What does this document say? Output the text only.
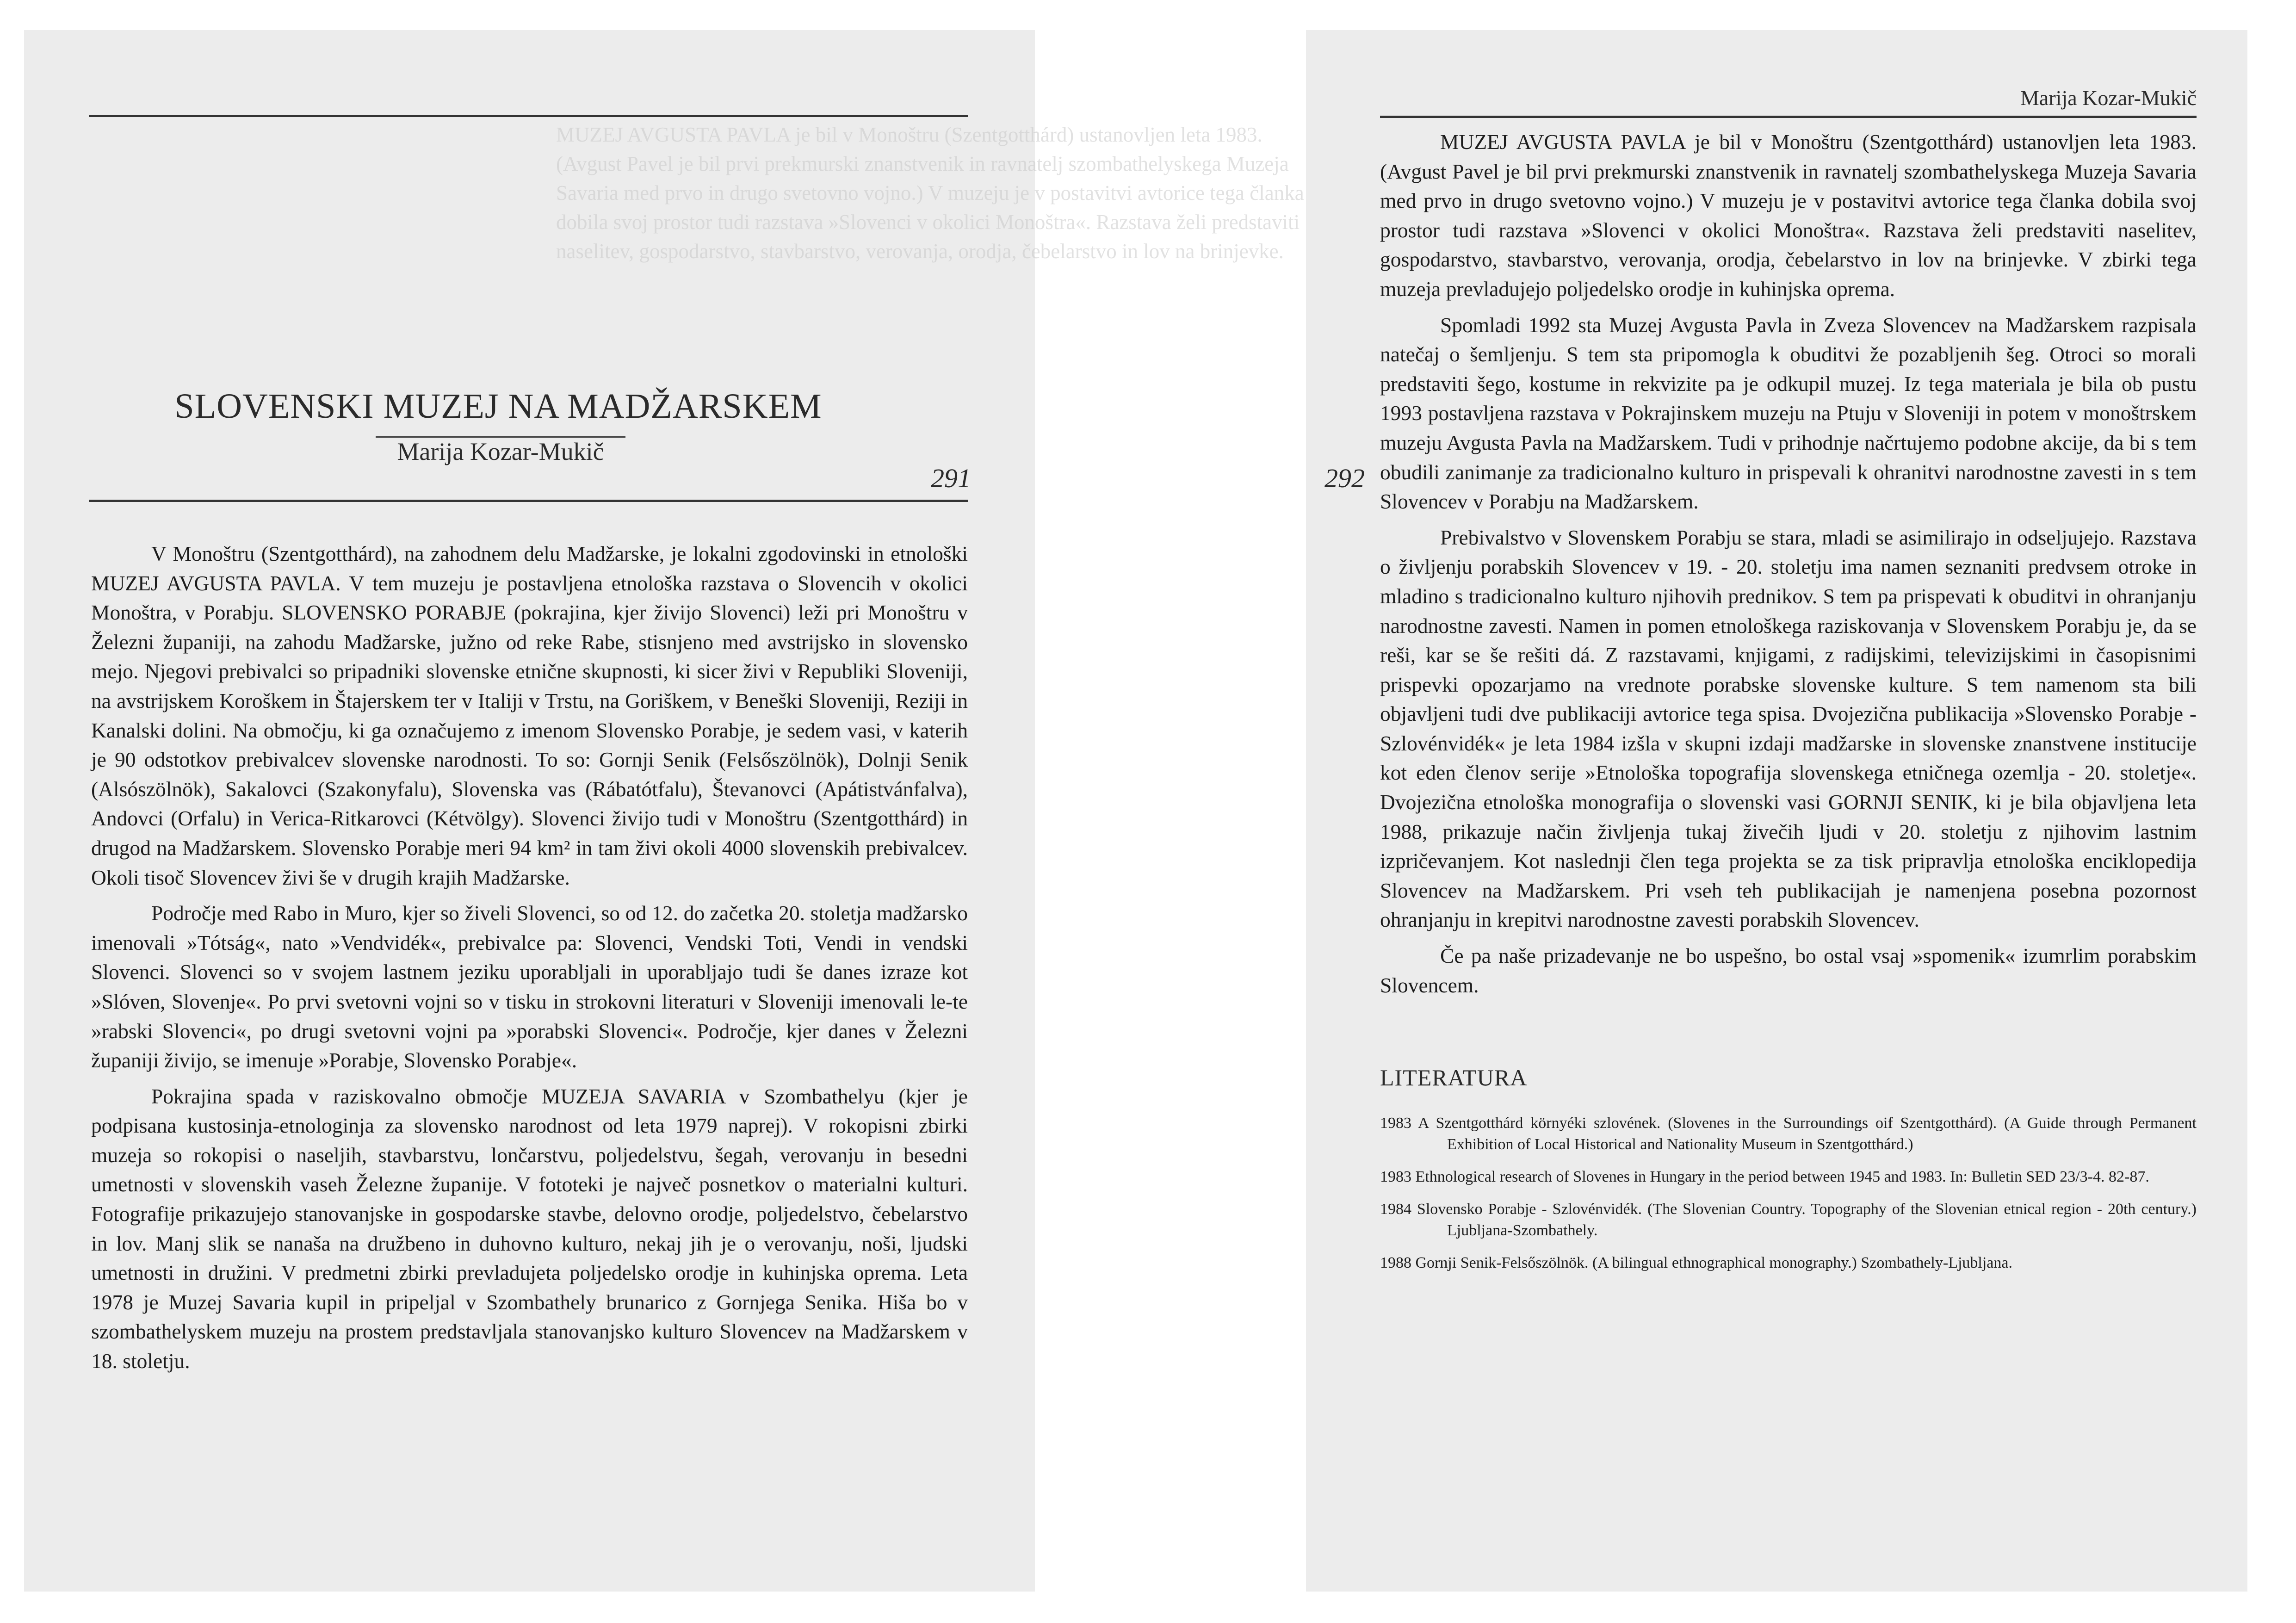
MUZEJ AVGUSTA PAVLA je bil v Monoštru (Szentgotthárd) ustanovljen leta 1983.
(Avgust Pavel je bil prvi prekmurski znanstvenik in ravnatelj szombathelyskega Muzeja
Savaria med prvo in drugo svetovno vojno.) V muzeju je v postavitvi avtorice tega članka
dobila svoj prostor tudi razstava »Slovenci v okolici Monoštra«. Razstava želi predstaviti
naselitev, gospodarstvo, stavbarstvo, verovanja, orodja, čebelarstvo in lov na brinjevke.
SLOVENSKI MUZEJ NA MADŽARSKEM
Marija Kozar-Mukič
291

V Monoštru (Szentgotthárd), na zahodnem delu Madžarske, je lokalni zgodovinski in etnološki MUZEJ AVGUSTA PAVLA. V tem muzeju je postavljena etnološka razstava o Slovencih v okolici Monoštra, v Porabju. SLOVENSKO PORABJE (pokrajina, kjer živijo Slovenci) leži pri Monoštru v Železni županiji, na zahodu Madžarske, južno od reke Rabe, stisnjeno med avstrijsko in slovensko mejo. Njegovi prebivalci so pripadniki slovenske etnične skupnosti, ki sicer živi v Republiki Sloveniji, na avstrijskem Koroškem in Štajerskem ter v Italiji v Trstu, na Goriškem, v Beneški Sloveniji, Reziji in Kanalski dolini. Na območju, ki ga označujemo z imenom Slovensko Porabje, je sedem vasi, v katerih je 90 odstotkov prebivalcev slovenske narodnosti. To so: Gornji Senik (Felsőszölnök), Dolnji Senik (Alsószölnök), Sakalovci (Szakonyfalu), Slovenska vas (Rábatótfalu), Števanovci (Apátistvánfalva), Andovci (Orfalu) in Verica-Ritkarovci (Kétvölgy). Slovenci živijo tudi v Monoštru (Szentgotthárd) in drugod na Madžarskem. Slovensko Porabje meri 94 km² in tam živi okoli 4000 slovenskih prebivalcev. Okoli tisoč Slovencev živi še v drugih krajih Madžarske.

Področje med Rabo in Muro, kjer so živeli Slovenci, so od 12. do začetka 20. stoletja madžarsko imenovali »Tótság«, nato »Vendvidék«, prebivalce pa: Slovenci, Vendski Toti, Vendi in vendski Slovenci. Slovenci so v svojem lastnem jeziku uporabljali in uporabljajo tudi še danes izraze kot »Slóven, Slovenje«. Po prvi svetovni vojni so v tisku in strokovni literaturi v Sloveniji imenovali le-te »rabski Slovenci«, po drugi svetovni vojni pa »porabski Slovenci«. Področje, kjer danes v Železni županiji živijo, se imenuje »Porabje, Slovensko Porabje«.

Pokrajina spada v raziskovalno območje MUZEJA SAVARIA v Szombathelyu (kjer je podpisana kustosinja-etnologinja za slovensko narodnost od leta 1979 naprej). V rokopisni zbirki muzeja so rokopisi o naseljih, stavbarstvu, lončarstvu, poljedelstvu, šegah, verovanju in besedni umetnosti v slovenskih vaseh Železne županije. V fototeki je največ posnetkov o materialni kulturi. Fotografije prikazujejo stanovanjske in gospodarske stavbe, delovno orodje, poljedelstvo, čebelarstvo in lov. Manj slik se nanaša na družbeno in duhovno kulturo, nekaj jih je o verovanju, noši, ljudski umetnosti in družini. V predmetni zbirki prevladujeta poljedelsko orodje in kuhinjska oprema. Leta 1978 je Muzej Savaria kupil in pripeljal v Szombathely brunarico z Gornjega Senika. Hiša bo v szombathelyskem muzeju na prostem predstavljala stanovanjsko kulturo Slovencev na Madžarskem v 18. stoletju.

Marija Kozar-Mukič
292

MUZEJ AVGUSTA PAVLA je bil v Monoštru (Szentgotthárd) ustanovljen leta 1983. (Avgust Pavel je bil prvi prekmurski znanstvenik in ravnatelj szombathelyskega Muzeja Savaria med prvo in drugo svetovno vojno.) V muzeju je v postavitvi avtorice tega članka dobila svoj prostor tudi razstava »Slovenci v okolici Monoštra«. Razstava želi predstaviti naselitev, gospodarstvo, stavbarstvo, verovanja, orodja, čebelarstvo in lov na brinjevke. V zbirki tega muzeja prevladujejo poljedelsko orodje in kuhinjska oprema.

Spomladi 1992 sta Muzej Avgusta Pavla in Zveza Slovencev na Madžarskem razpisala natečaj o šemljenju. S tem sta pripomogla k obuditvi že pozabljenih šeg. Otroci so morali predstaviti šego, kostume in rekvizite pa je odkupil muzej. Iz tega materiala je bila ob pustu 1993 postavljena razstava v Pokrajinskem muzeju na Ptuju v Sloveniji in potem v monoštrskem muzeju Avgusta Pavla na Madžarskem. Tudi v prihodnje načrtujemo podobne akcije, da bi s tem obudili zanimanje za tradicionalno kulturo in prispevali k ohranitvi narodnostne zavesti in s tem Slovencev v Porabju na Madžarskem.

Prebivalstvo v Slovenskem Porabju se stara, mladi se asimilirajo in odseljujejo. Razstava o življenju porabskih Slovencev v 19. - 20. stoletju ima namen seznaniti predvsem otroke in mladino s tradicionalno kulturo njihovih prednikov. S tem pa prispevati k obuditvi in ohranjanju narodnostne zavesti. Namen in pomen etnološkega raziskovanja v Slovenskem Porabju je, da se reši, kar se še rešiti dá. Z razstavami, knjigami, z radijskimi, televizijskimi in časopisnimi prispevki opozarjamo na vrednote porabske slovenske kulture. S tem namenom sta bili objavljeni tudi dve publikaciji avtorice tega spisa. Dvojezična publikacija »Slovensko Porabje - Szlovénvidék« je leta 1984 izšla v skupni izdaji madžarske in slovenske znanstvene institucije kot eden členov serije »Etnološka topografija slovenskega etničnega ozemlja - 20. stoletje«. Dvojezična etnološka monografija o slovenski vasi GORNJI SENIK, ki je bila objavljena leta 1988, prikazuje način življenja tukaj živečih ljudi v 20. stoletju z njihovim lastnim izpričevanjem. Kot naslednji člen tega projekta se za tisk pripravlja etnološka enciklopedija Slovencev na Madžarskem. Pri vseh teh publikacijah je namenjena posebna pozornost ohranjanju in krepitvi narodnostne zavesti porabskih Slovencev.

Če pa naše prizadevanje ne bo uspešno, bo ostal vsaj »spomenik« izumrlim porabskim Slovencem.

LITERATURA
1983 A Szentgotthárd környéki szlovének. (Slovenes in the Surroundings oif Szentgotthárd). (A Guide through Permanent Exhibition of Local Historical and Nationality Museum in Szentgotthárd.)
1983 Ethnological research of Slovenes in Hungary in the period between 1945 and 1983. In: Bulletin SED 23/3-4. 82-87.
1984 Slovensko Porabje - Szlovénvidék. (The Slovenian Country. Topography of the Slovenian etnical region - 20th century.) Ljubljana-Szombathely.
1988 Gornji Senik-Felsőszölnök. (A bilingual ethnographical monography.) Szombathely-Ljubljana.
